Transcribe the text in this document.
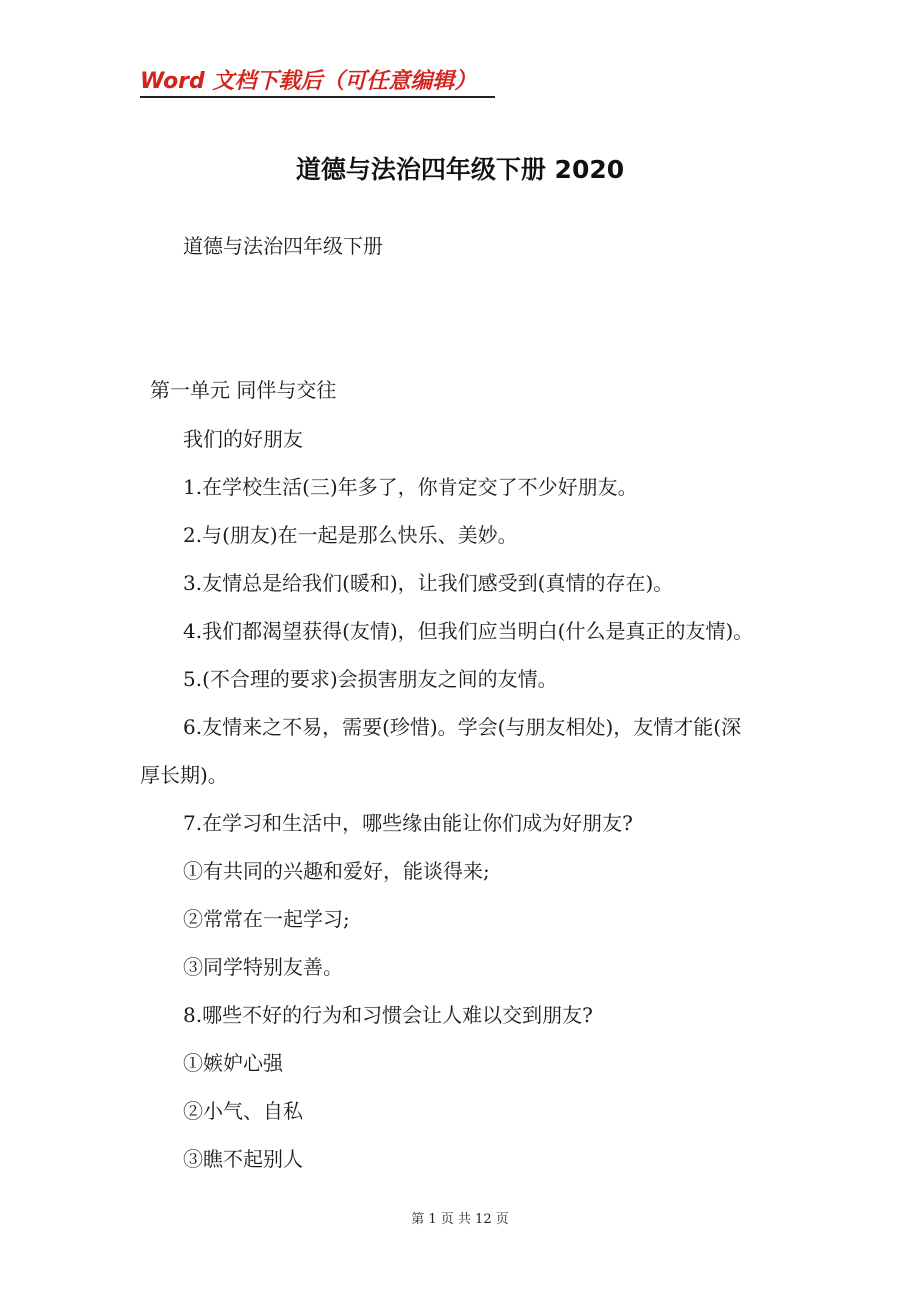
Word 文档下载后（可任意编辑）
道德与法治四年级下册 2020
道德与法治四年级下册
第一单元 同伴与交往
我们的好朋友
1.在学校生活(三)年多了，你肯定交了不少好朋友。
2.与(朋友)在一起是那么快乐、美妙。
3.友情总是给我们(暖和)，让我们感受到(真情的存在)。
4.我们都渴望获得(友情)，但我们应当明白(什么是真正的友情)。
5.(不合理的要求)会损害朋友之间的友情。
6.友情来之不易，需要(珍惜)。学会(与朋友相处)，友情才能(深
厚长期)。
7.在学习和生活中，哪些缘由能让你们成为好朋友?
①有共同的兴趣和爱好，能谈得来;
②常常在一起学习;
③同学特别友善。
8.哪些不好的行为和习惯会让人难以交到朋友?
①嫉妒心强
②小气、自私
③瞧不起别人
第 1 页 共 12 页
